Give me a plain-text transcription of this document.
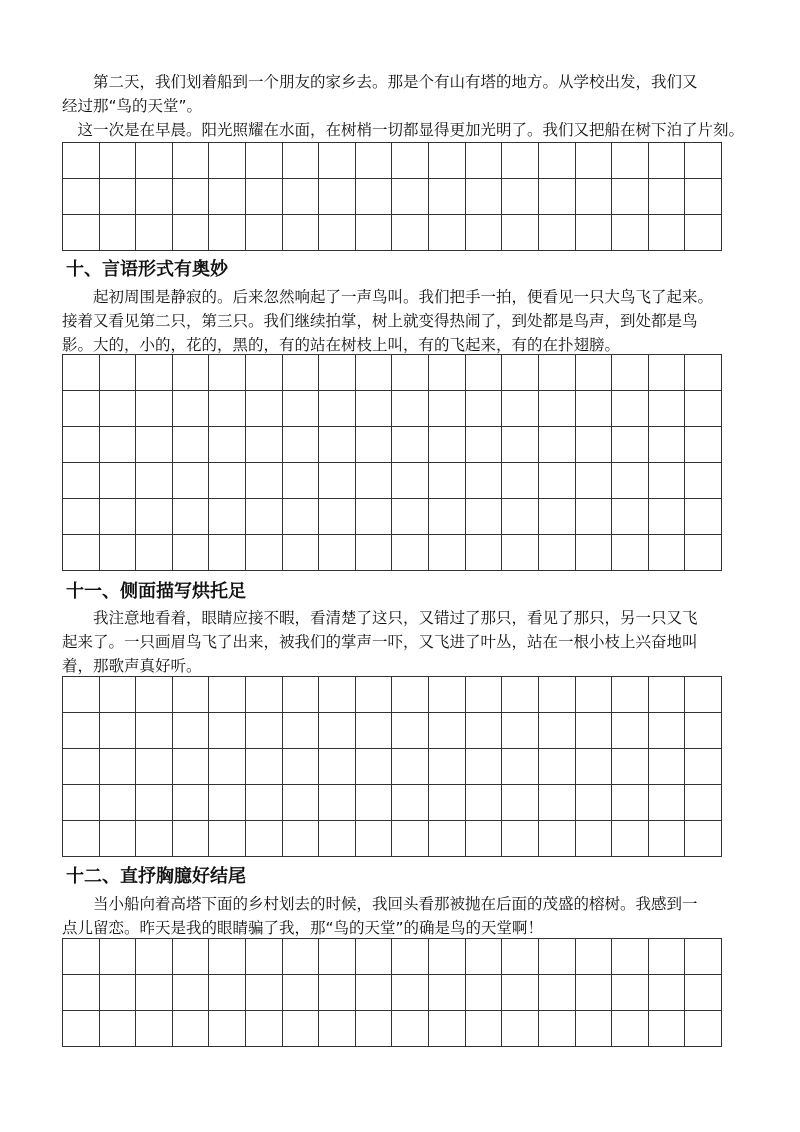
　　第二天，我们划着船到一个朋友的家乡去。那是个有山有塔的地方。从学校出发，我们又
经过那“鸟的天堂”。
　这一次是在早晨。阳光照耀在水面，在树梢一切都显得更加光明了。我们又把船在树下泊了片刻。

十、言语形式有奥妙
　　起初周围是静寂的。后来忽然响起了一声鸟叫。我们把手一拍，便看见一只大鸟飞了起来。
接着又看见第二只，第三只。我们继续拍掌，树上就变得热闹了，到处都是鸟声，到处都是鸟
影。大的，小的，花的，黑的，有的站在树枝上叫，有的飞起来，有的在扑翅膀。

十一、侧面描写烘托足
　　我注意地看着，眼睛应接不暇，看清楚了这只，又错过了那只，看见了那只，另一只又飞
起来了。一只画眉鸟飞了出来，被我们的掌声一吓，又飞进了叶丛，站在一根小枝上兴奋地叫
着，那歌声真好听。

十二、直抒胸臆好结尾
　　当小船向着高塔下面的乡村划去的时候，我回头看那被抛在后面的茂盛的榕树。我感到一
点儿留恋。昨天是我的眼睛骗了我，那“鸟的天堂”的确是鸟的天堂啊！
